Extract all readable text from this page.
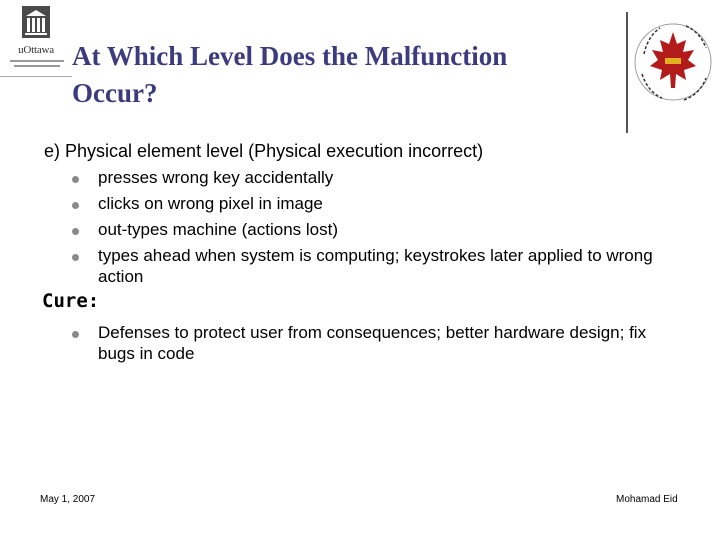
uOttawa At Which Level Does the Malfunction
Occur?
e) Physical element level (Physical execution incorrect)
presses wrong key accidentally
clicks on wrong pixel in image
out-types machine (actions lost)
types ahead when system is computing; keystrokes later applied to wrong action
Cure:
Defenses to protect user from consequences; better hardware design; fix bugs in code
May 1, 2007	Mohamad Eid
